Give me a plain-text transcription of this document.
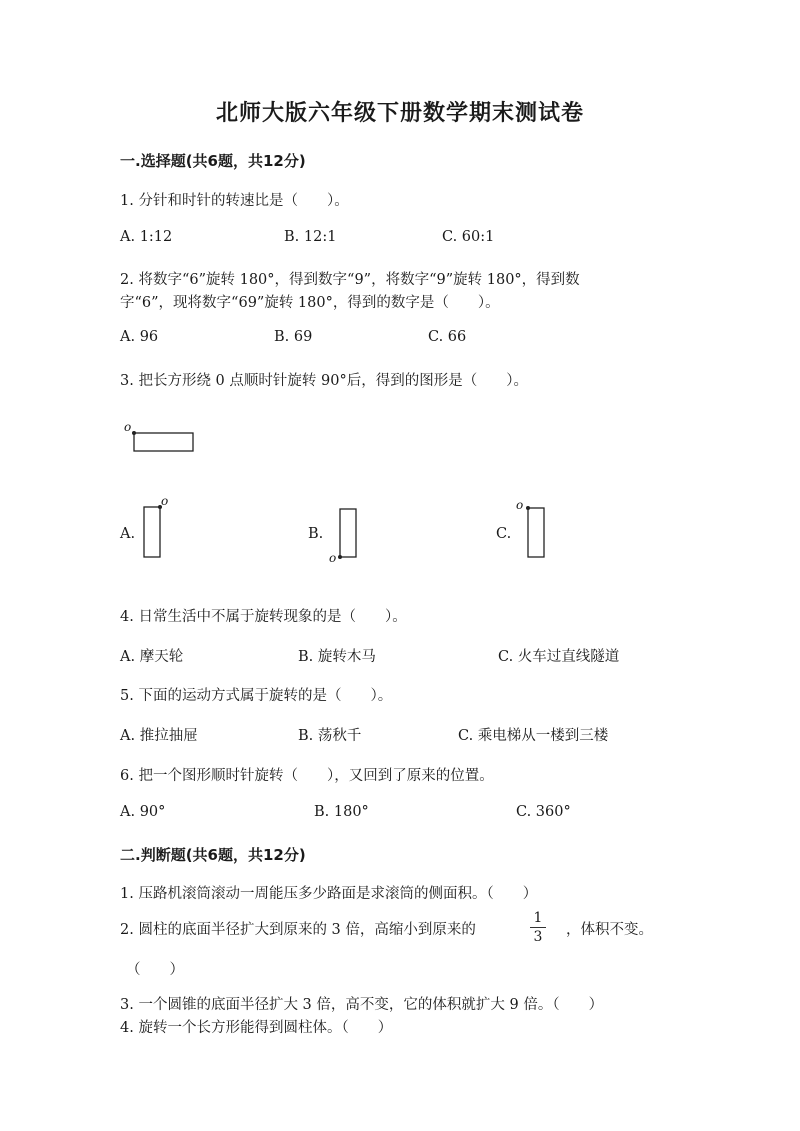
北师大版六年级下册数学期末测试卷
一.选择题(共6题，共12分)
1. 分针和时针的转速比是（　　）。
A. 1:12	B. 12:1	C. 60:1
2. 将数字“6”旋转 180°，得到数字“9”，将数字“9”旋转 180°，得到数
字“6”，现将数字“69”旋转 180°，得到的数字是（　　）。
A. 96	B. 69	C. 66
3. 把长方形绕 0 点顺时针旋转 90°后，得到的图形是（　　）。
o
o
o
o
A.	B.	C.
4. 日常生活中不属于旋转现象的是（　　）。
A. 摩天轮	B. 旋转木马	C. 火车过直线隧道
5. 下面的运动方式属于旋转的是（　　）。
A. 推拉抽屉	B. 荡秋千	C. 乘电梯从一楼到三楼
6. 把一个图形顺时针旋转（　　），又回到了原来的位置。
A. 90°	B. 180°	C. 360°
二.判断题(共6题，共12分)
1. 压路机滚筒滚动一周能压多少路面是求滚筒的侧面积。（　　）
2. 圆柱的底面半径扩大到原来的 3 倍，高缩小到原来的
1
3 ，体积不变。
（　　）
3. 一个圆锥的底面半径扩大 3 倍，高不变，它的体积就扩大 9 倍。（　　）
4. 旋转一个长方形能得到圆柱体。（　　）
